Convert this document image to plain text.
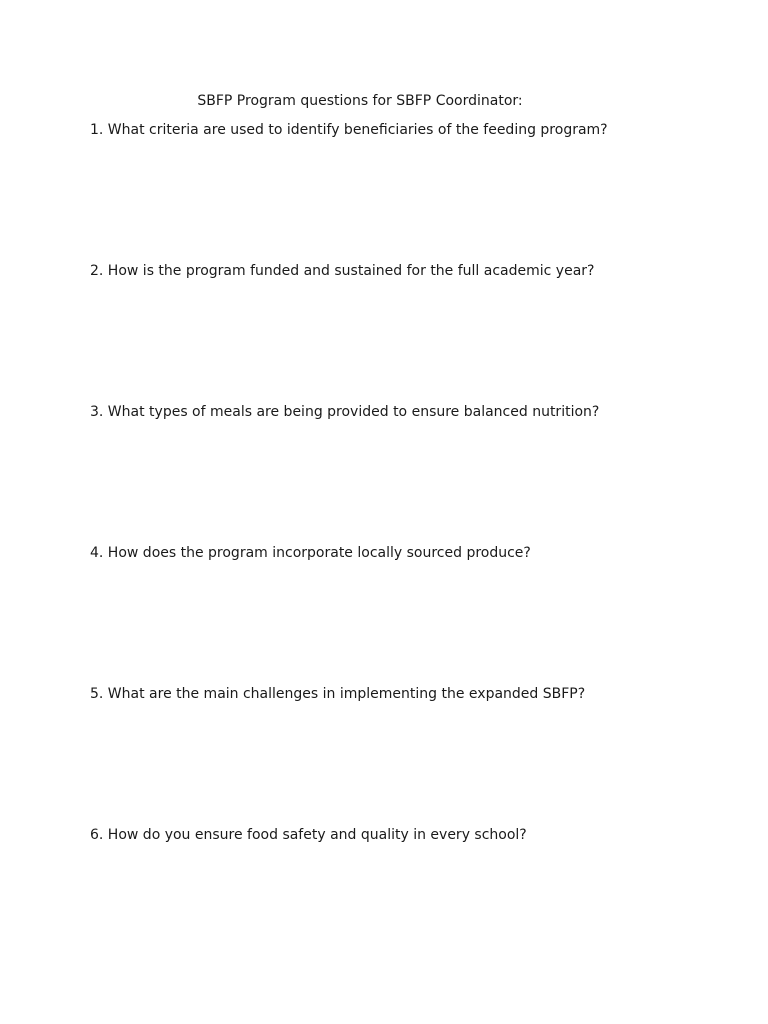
SBFP Program questions for SBFP Coordinator:
1. What criteria are used to identify beneficiaries of the feeding program?
2. How is the program funded and sustained for the full academic year?
3. What types of meals are being provided to ensure balanced nutrition?
4. How does the program incorporate locally sourced produce?
5. What are the main challenges in implementing the expanded SBFP?
6. How do you ensure food safety and quality in every school?
